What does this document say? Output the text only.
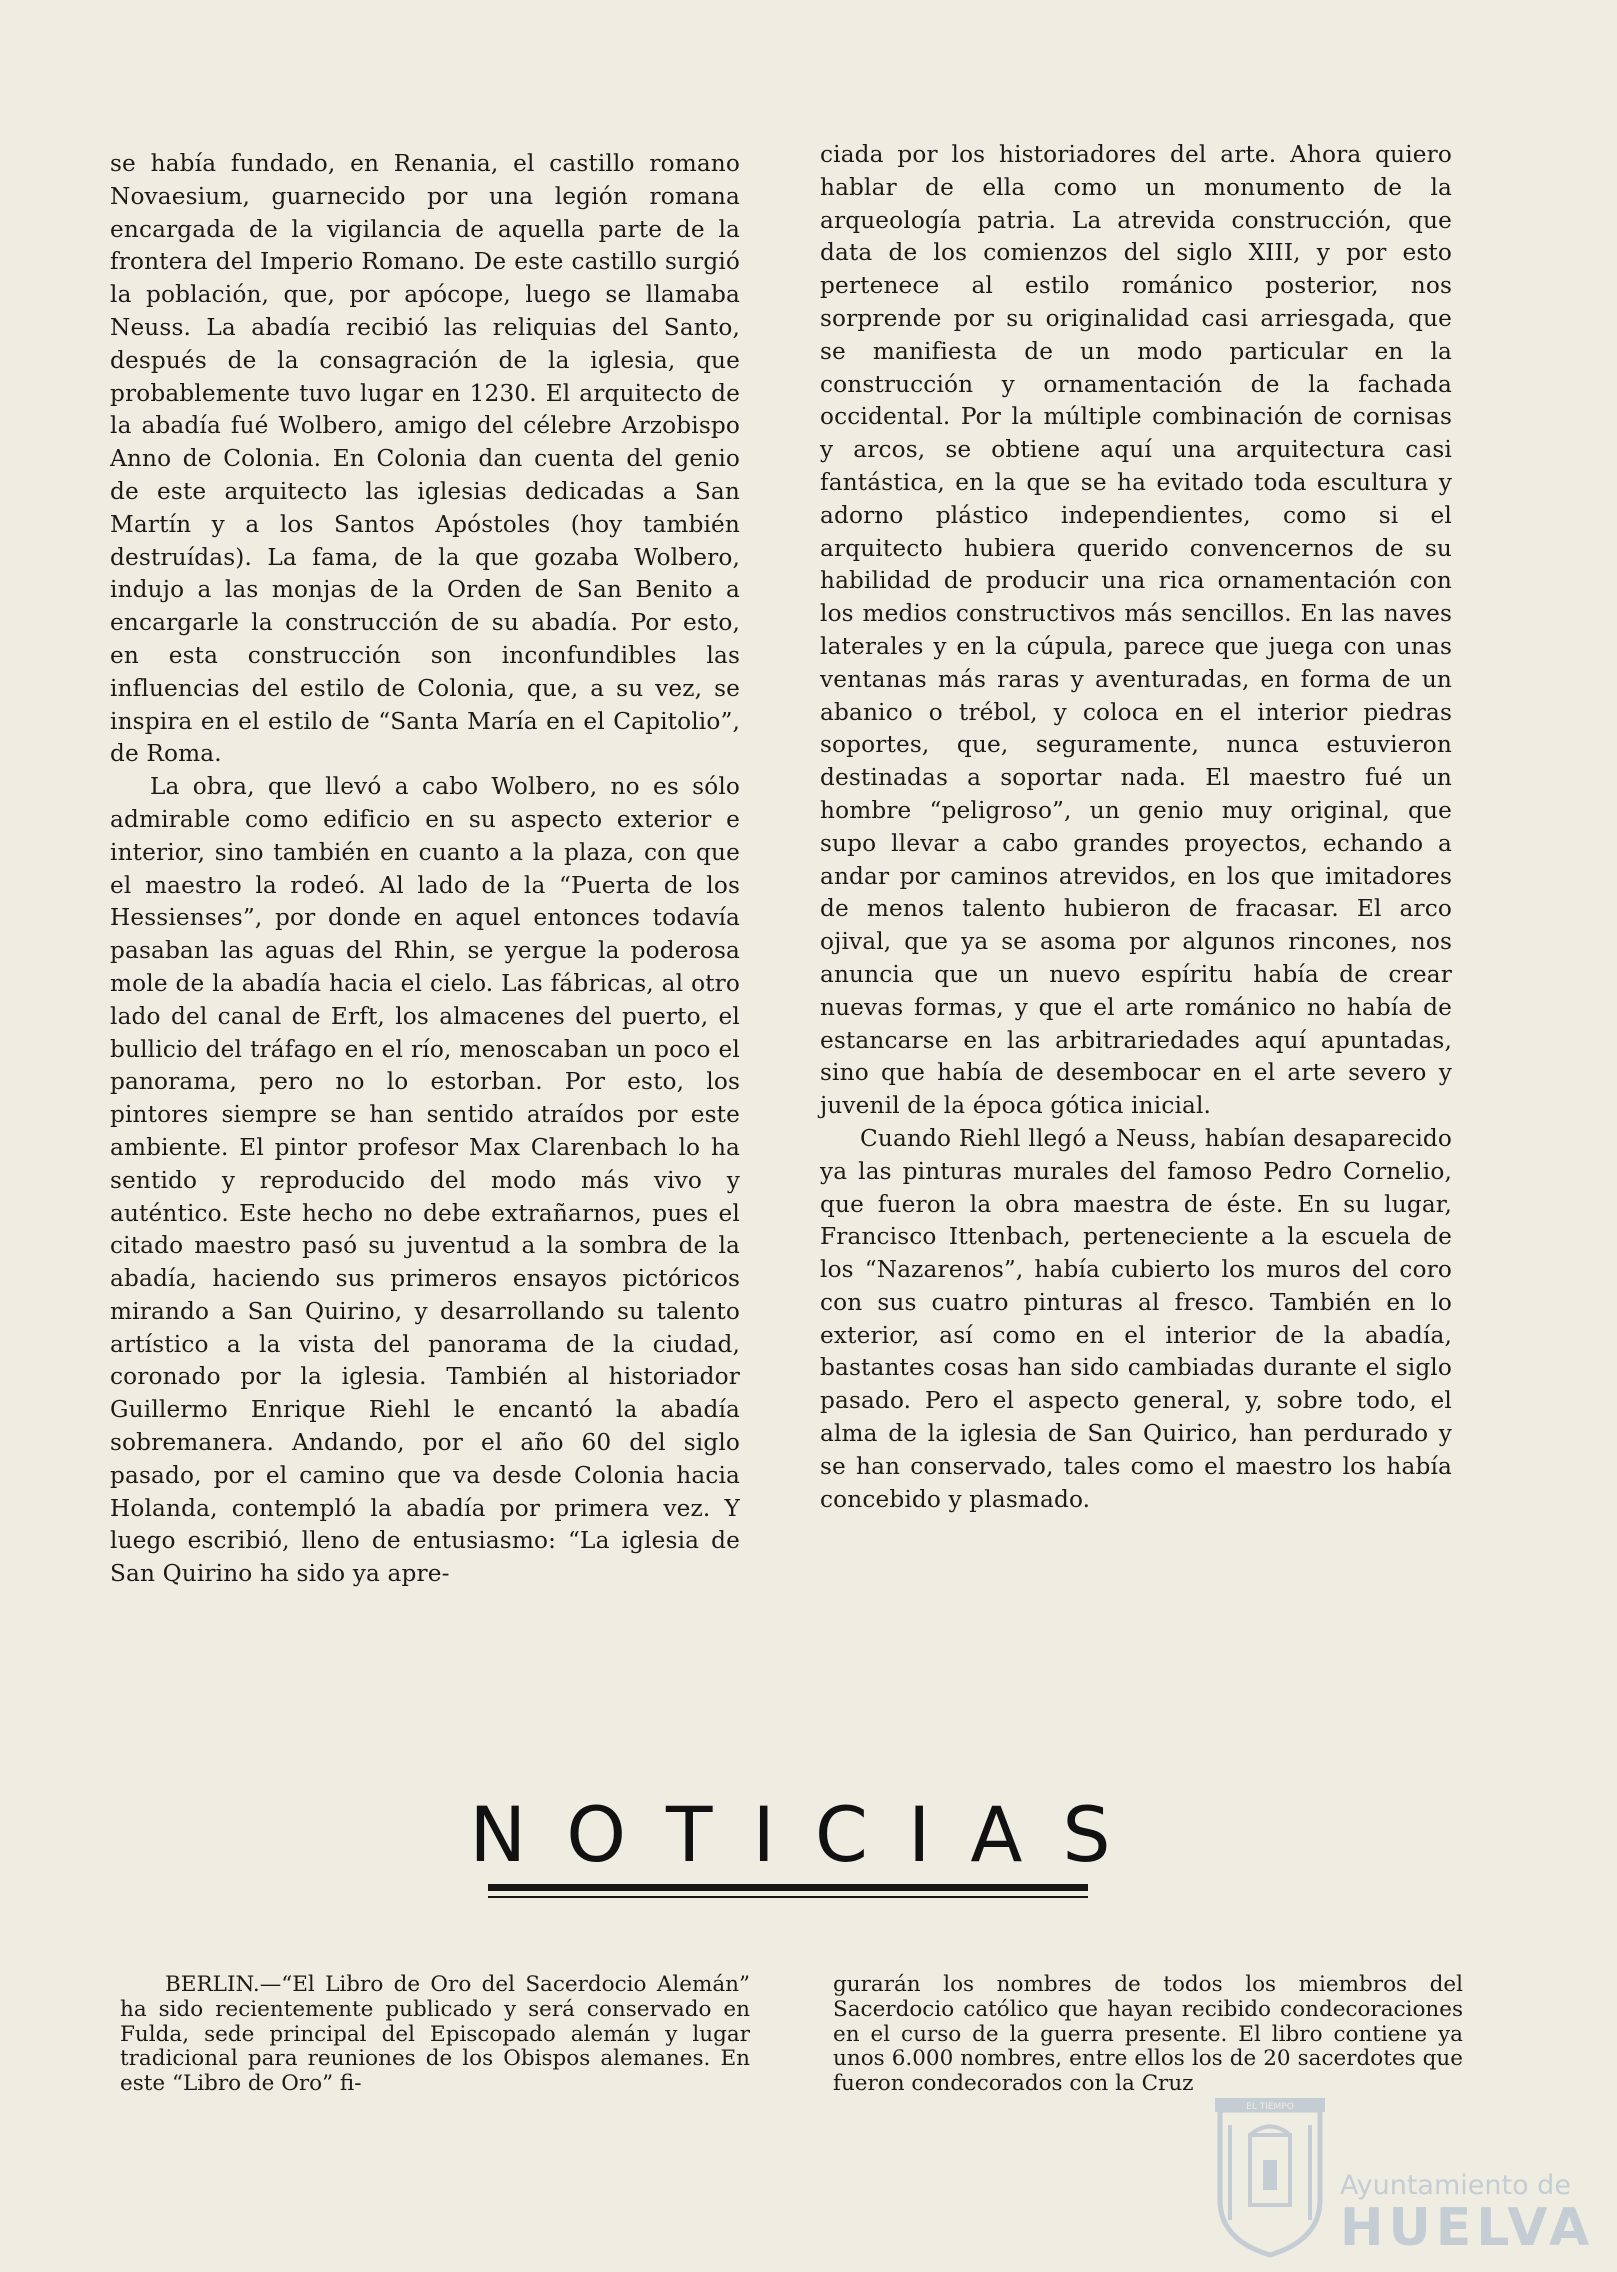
se había fundado, en Renania, el castillo romano Novaesium, guarnecido por una legión romana encargada de la vigilancia de aquella parte de la frontera del Imperio Romano. De este castillo surgió la población, que, por apócope, luego se llamaba Neuss. La abadía recibió las reliquias del Santo, después de la consagración de la iglesia, que probablemente tuvo lugar en 1230. El arquitecto de la abadía fué Wolbero, amigo del célebre Arzobispo Anno de Colonia. En Colonia dan cuenta del genio de este arquitecto las iglesias dedicadas a San Martín y a los Santos Apóstoles (hoy también destruídas). La fama, de la que gozaba Wolbero, indujo a las monjas de la Orden de San Benito a encargarle la construcción de su abadía. Por esto, en esta construcción son inconfundibles las influencias del estilo de Colonia, que, a su vez, se inspira en el estilo de “Santa María en el Capitolio”, de Roma.

La obra, que llevó a cabo Wolbero, no es sólo admirable como edificio en su aspecto exterior e interior, sino también en cuanto a la plaza, con que el maestro la rodeó. Al lado de la “Puerta de los Hessienses”, por donde en aquel entonces todavía pasaban las aguas del Rhin, se yergue la poderosa mole de la abadía hacia el cielo. Las fábricas, al otro lado del canal de Erft, los almacenes del puerto, el bullicio del tráfago en el río, menoscaban un poco el panorama, pero no lo estorban. Por esto, los pintores siempre se han sentido atraídos por este ambiente. El pintor profesor Max Clarenbach lo ha sentido y reproducido del modo más vivo y auténtico. Este hecho no debe extrañarnos, pues el citado maestro pasó su juventud a la sombra de la abadía, haciendo sus primeros ensayos pictóricos mirando a San Quirino, y desarrollando su talento artístico a la vista del panorama de la ciudad, coronado por la iglesia. También al historiador Guillermo Enrique Riehl le encantó la abadía sobremanera. Andando, por el año 60 del siglo pasado, por el camino que va desde Colonia hacia Holanda, contempló la abadía por primera vez. Y luego escribió, lleno de entusiasmo: “La iglesia de San Quirino ha sido ya apre-

ciada por los historiadores del arte. Ahora quiero hablar de ella como un monumento de la arqueología patria. La atrevida construcción, que data de los comienzos del siglo XIII, y por esto pertenece al estilo románico posterior, nos sorprende por su originalidad casi arriesgada, que se manifiesta de un modo particular en la construcción y ornamentación de la fachada occidental. Por la múltiple combinación de cornisas y arcos, se obtiene aquí una arquitectura casi fantástica, en la que se ha evitado toda escultura y adorno plástico independientes, como si el arquitecto hubiera querido convencernos de su habilidad de producir una rica ornamentación con los medios constructivos más sencillos. En las naves laterales y en la cúpula, parece que juega con unas ventanas más raras y aventuradas, en forma de un abanico o trébol, y coloca en el interior piedras soportes, que, seguramente, nunca estuvieron destinadas a soportar nada. El maestro fué un hombre “peligroso”, un genio muy original, que supo llevar a cabo grandes proyectos, echando a andar por caminos atrevidos, en los que imitadores de menos talento hubieron de fracasar. El arco ojival, que ya se asoma por algunos rincones, nos anuncia que un nuevo espíritu había de crear nuevas formas, y que el arte románico no había de estancarse en las arbitrariedades aquí apuntadas, sino que había de desembocar en el arte severo y juvenil de la época gótica inicial.

Cuando Riehl llegó a Neuss, habían desaparecido ya las pinturas murales del famoso Pedro Cornelio, que fueron la obra maestra de éste. En su lugar, Francisco Ittenbach, perteneciente a la escuela de los “Nazarenos”, había cubierto los muros del coro con sus cuatro pinturas al fresco. También en lo exterior, así como en el interior de la abadía, bastantes cosas han sido cambiadas durante el siglo pasado. Pero el aspecto general, y, sobre todo, el alma de la iglesia de San Quirico, han perdurado y se han conservado, tales como el maestro los había concebido y plasmado.

NOTICIAS

BERLIN.—“El Libro de Oro del Sacerdocio Alemán” ha sido recientemente publicado y será conservado en Fulda, sede principal del Episcopado alemán y lugar tradicional para reuniones de los Obispos alemanes. En este “Libro de Oro” fi-

gurarán los nombres de todos los miembros del Sacerdocio católico que hayan recibido condecoraciones en el curso de la guerra presente. El libro contiene ya unos 6.000 nombres, entre ellos los de 20 sacerdotes que fueron condecorados con la Cruz

EL TIEMPO
Ayuntamiento de
HUELVA
